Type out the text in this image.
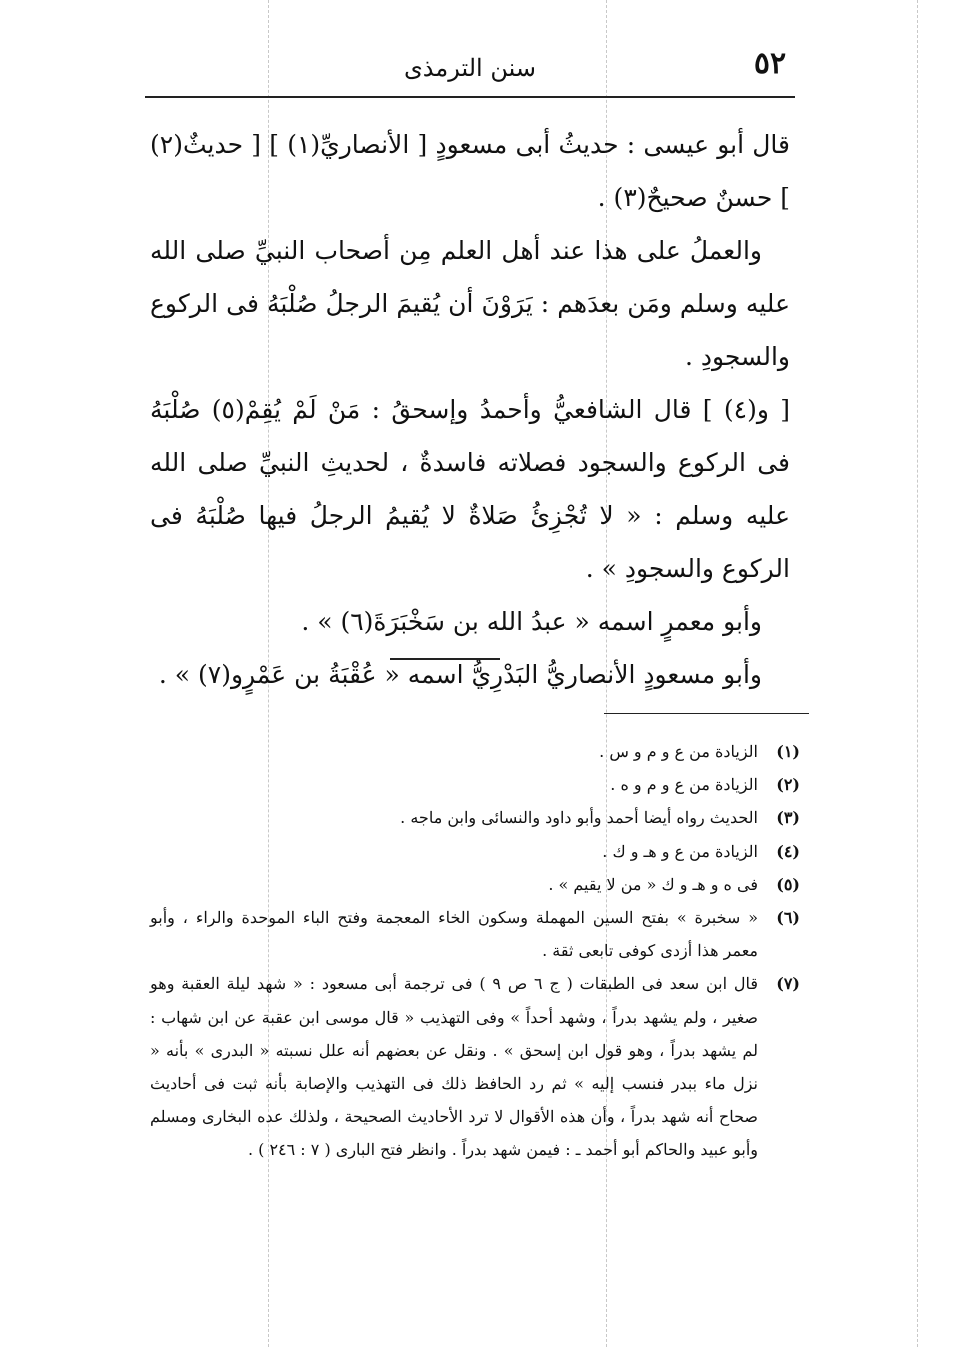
٥٢
سنن الترمذى

قال أبو عيسى : حديثُ أبى مسعودٍ [ الأنصاريِّ(١) ] [ حديثٌ(٢) ] حسنٌ صحيحٌ(٣) .

والعملُ على هذا عند أهل العلم مِن أصحاب النبيِّ صلى الله عليه وسلم ومَن بعدَهم : يَرَوْنَ أن يُقيمَ الرجلُ صُلْبَهُ فى الركوع والسجودِ .

[ و(٤) ] قال الشافعيُّ وأحمدُ وإسحقُ : مَنْ لَمْ يُقِمْ(٥) صُلْبَهُ فى الركوع والسجود فصلاته فاسدةٌ ، لحديثِ النبيِّ صلى الله عليه وسلم : « لا تُجْزِئُ صَلاةٌ لا يُقيمُ الرجلُ فيها صُلْبَهُ فى الركوع والسجودِ » .

وأبو معمرٍ اسمه « عبدُ الله بن سَخْبَرَةَ(٦) » .

وأبو مسعودٍ الأنصاريُّ البَدْرِيُّ اسمه « عُقْبَةُ بن عَمْرٍو(٧) » .

(١)
الزيادة من ع و م و س .
(٢)
الزيادة من ع و م و ه .
(٣)
الحديث رواه أيضا أحمد وأبو داود والنسائى وابن ماجه .
(٤)
الزيادة من ع و هـ و ك .
(٥)
فى ه و هـ و ك « من لا يقيم » .
(٦)
« سخبرة » بفتح السين المهملة وسكون الخاء المعجمة وفتح الباء الموحدة والراء ، وأبو معمر هذا أزدى كوفى تابعى ثقة .
(٧)
قال ابن سعد فى الطبقات ( ج ٦ ص ٩ ) فى ترجمة أبى مسعود : « شهد ليلة العقبة وهو صغير ، ولم يشهد بدراً ، وشهد أحداً » وفى التهذيب « قال موسى ابن عقبة عن ابن شهاب : لم يشهد بدراً ، وهو قول ابن إسحق » . ونقل عن بعضهم أنه علل نسبته « البدرى » بأنه « نزل ماء ببدر فنسب إليه » ثم رد الحافظ ذلك فى التهذيب والإصابة بأنه ثبت فى أحاديث صحاح أنه شهد بدراً ، وأن هذه الأقوال لا ترد الأحاديث الصحيحة ، ولذلك عده البخارى ومسلم وأبو عبيد والحاكم أبو أحمد ـ : فيمن شهد بدراً . وانظر فتح البارى ( ٧ : ٢٤٦ ) .
